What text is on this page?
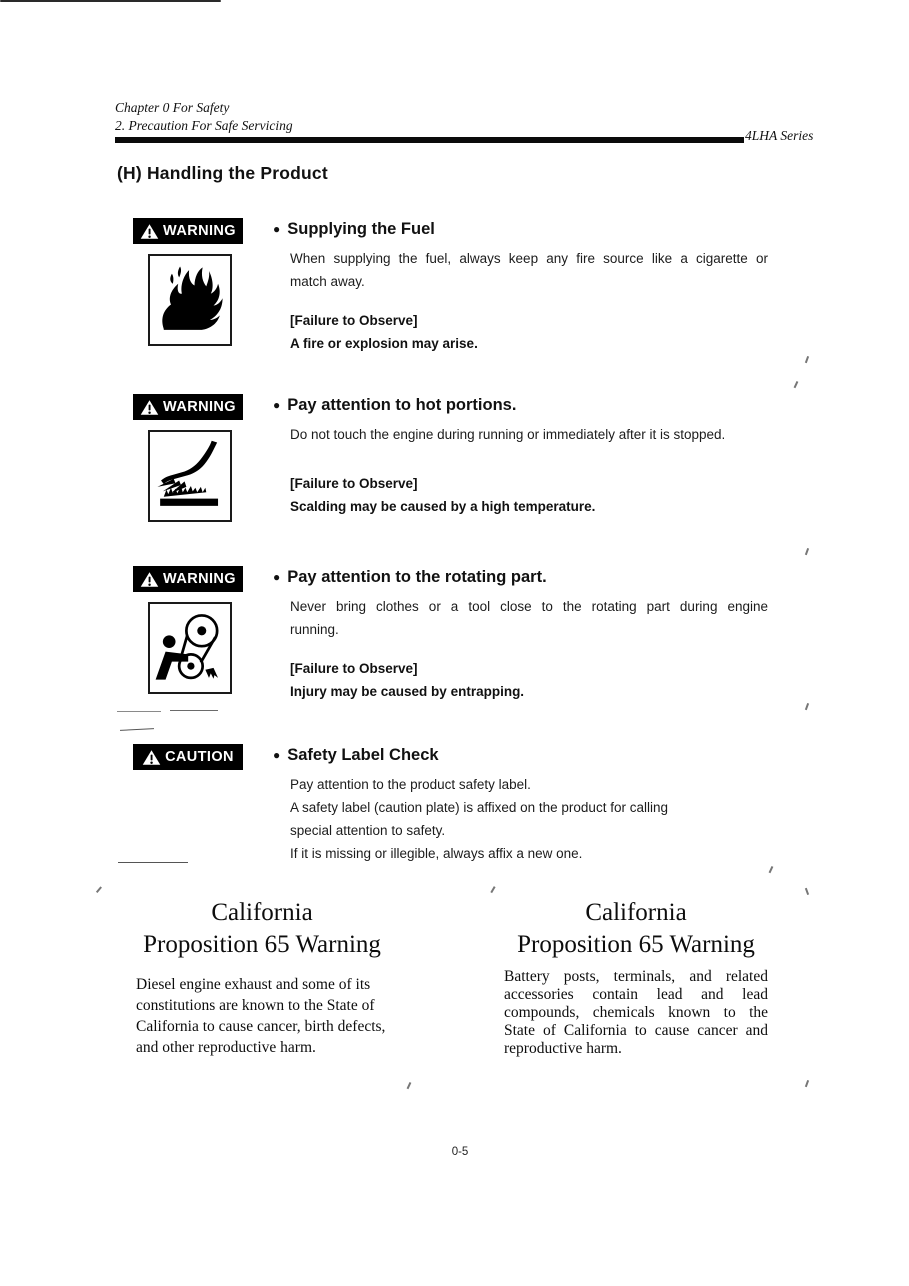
Chapter 0 For Safety
2. Precaution For Safe Servicing
4LHA Series
(H) Handling the Product
WARNING	● Supplying the Fuel
When supplying the fuel, always keep any fire source like a cigarette or
match away.
[Failure to Observe]
A fire or explosion may arise.
WARNING	● Pay attention to hot portions.
Do not touch the engine during running or immediately after it is stopped.
[Failure to Observe]
Scalding may be caused by a high temperature.
WARNING	● Pay attention to the rotating part.
Never bring clothes or a tool close to the rotating part during engine
running.
[Failure to Observe]
Injury may be caused by entrapping.
CAUTION	● Safety Label Check
Pay attention to the product safety label.
A safety label (caution plate) is affixed on the product for calling
special attention to safety.
If it is missing or illegible, always affix a new one.
California
Proposition 65 Warning
Diesel engine exhaust and some of its
constitutions are known to the State of
California to cause cancer, birth defects,
and other reproductive harm.
California
Proposition 65 Warning
Battery posts, terminals, and related
accessories contain lead and lead
compounds, chemicals known to the
State of California to cause cancer and
reproductive harm.
0-5
